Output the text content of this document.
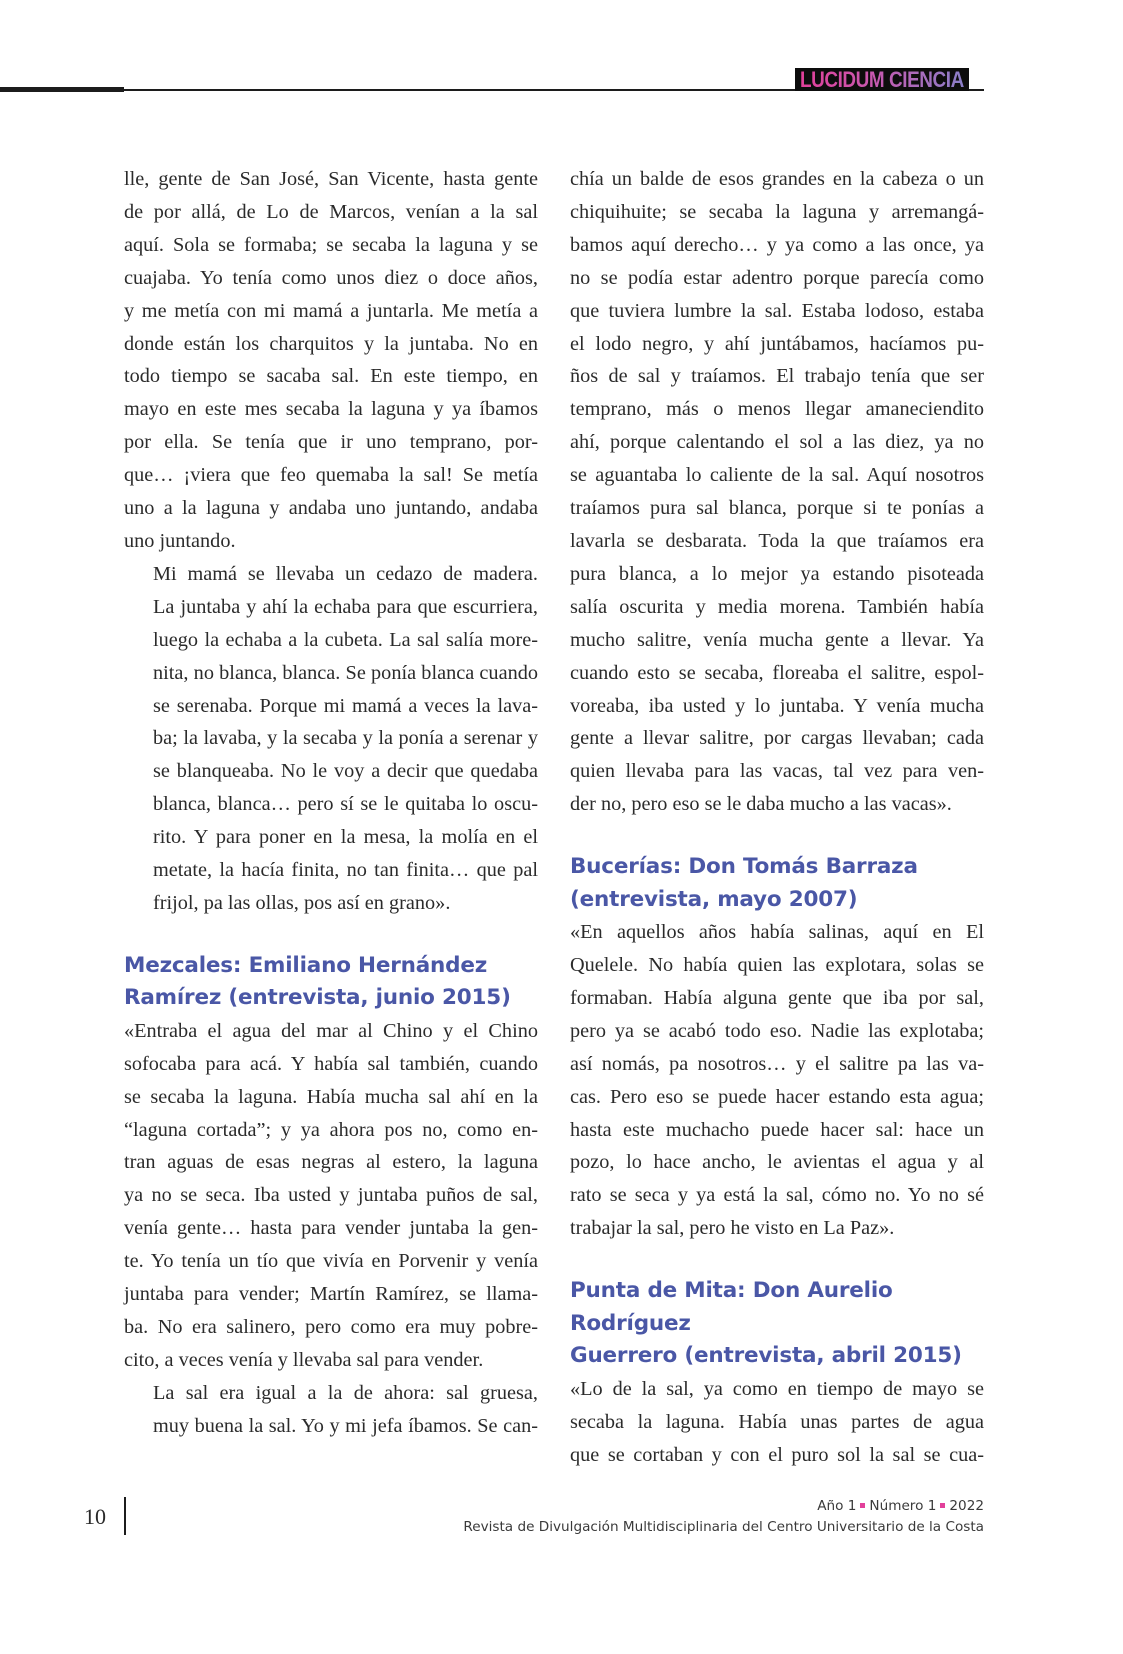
LUCIDUM CIENCIA

lle, gente de San José, San Vicente, hasta gente
de por allá, de Lo de Marcos, venían a la sal
aquí. Sola se formaba; se secaba la laguna y se
cuajaba. Yo tenía como unos diez o doce años,
y me metía con mi mamá a juntarla. Me metía a
donde están los charquitos y la juntaba. No en
todo tiempo se sacaba sal. En este tiempo, en
mayo en este mes secaba la laguna y ya íbamos
por ella. Se tenía que ir uno temprano, por-
que… ¡viera que feo quemaba la sal! Se metía
uno a la laguna y andaba uno juntando, andaba
uno juntando.

Mi mamá se llevaba un cedazo de madera.
La juntaba y ahí la echaba para que escurriera,
luego la echaba a la cubeta. La sal salía more-
nita, no blanca, blanca. Se ponía blanca cuando
se serenaba. Porque mi mamá a veces la lava-
ba; la lavaba, y la secaba y la ponía a serenar y
se blanqueaba. No le voy a decir que quedaba
blanca, blanca… pero sí se le quitaba lo oscu-
rito. Y para poner en la mesa, la molía en el
metate, la hacía finita, no tan finita… que pal
frijol, pa las ollas, pos así en grano».

Mezcales: Emiliano Hernández
Ramírez (entrevista, junio 2015)

«Entraba el agua del mar al Chino y el Chino
sofocaba para acá. Y había sal también, cuando
se secaba la laguna. Había mucha sal ahí en la
“laguna cortada”; y ya ahora pos no, como en-
tran aguas de esas negras al estero, la laguna
ya no se seca. Iba usted y juntaba puños de sal,
venía gente… hasta para vender juntaba la gen-
te. Yo tenía un tío que vivía en Porvenir y venía
juntaba para vender; Martín Ramírez, se llama-
ba. No era salinero, pero como era muy pobre-
cito, a veces venía y llevaba sal para vender.

La sal era igual a la de ahora: sal gruesa,
muy buena la sal. Yo y mi jefa íbamos. Se can-

chía un balde de esos grandes en la cabeza o un
chiquihuite; se secaba la laguna y arremangá-
bamos aquí derecho… y ya como a las once, ya
no se podía estar adentro porque parecía como
que tuviera lumbre la sal. Estaba lodoso, estaba
el lodo negro, y ahí juntábamos, hacíamos pu-
ños de sal y traíamos. El trabajo tenía que ser
temprano, más o menos llegar amaneciendito
ahí, porque calentando el sol a las diez, ya no
se aguantaba lo caliente de la sal. Aquí nosotros
traíamos pura sal blanca, porque si te ponías a
lavarla se desbarata. Toda la que traíamos era
pura blanca, a lo mejor ya estando pisoteada
salía oscurita y media morena. También había
mucho salitre, venía mucha gente a llevar. Ya
cuando esto se secaba, floreaba el salitre, espol-
voreaba, iba usted y lo juntaba. Y venía mucha
gente a llevar salitre, por cargas llevaban; cada
quien llevaba para las vacas, tal vez para ven-
der no, pero eso se le daba mucho a las vacas».

Bucerías: Don Tomás Barraza
(entrevista, mayo 2007)

«En aquellos años había salinas, aquí en El
Quelele. No había quien las explotara, solas se
formaban. Había alguna gente que iba por sal,
pero ya se acabó todo eso. Nadie las explotaba;
así nomás, pa nosotros… y el salitre pa las va-
cas. Pero eso se puede hacer estando esta agua;
hasta este muchacho puede hacer sal: hace un
pozo, lo hace ancho, le avientas el agua y al
rato se seca y ya está la sal, cómo no. Yo no sé
trabajar la sal, pero he visto en La Paz».

Punta de Mita: Don Aurelio Rodríguez
Guerrero (entrevista, abril 2015)

«Lo de la sal, ya como en tiempo de mayo se
secaba la laguna. Había unas partes de agua
que se cortaban y con el puro sol la sal se cua-

10	Año 1 Número 1 2022
Revista de Divulgación Multidisciplinaria del Centro Universitario de la Costa
